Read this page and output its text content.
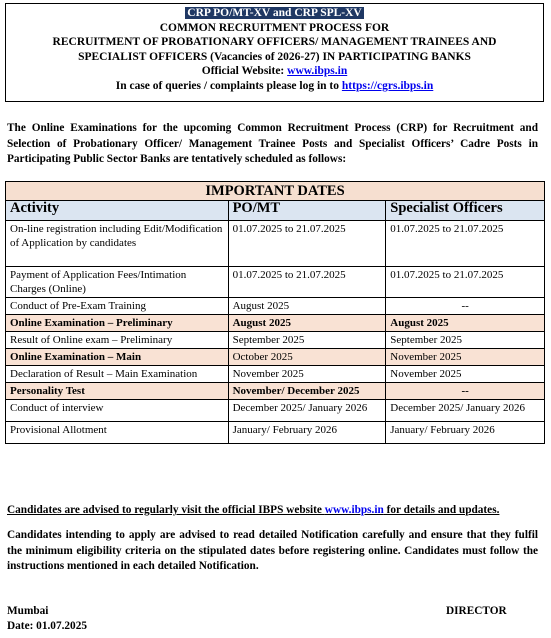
CRP PO/MT-XV and CRP SPL-XV
COMMON RECRUITMENT PROCESS FOR
RECRUITMENT OF PROBATIONARY OFFICERS/ MANAGEMENT TRAINEES AND
SPECIALIST OFFICERS (Vacancies of 2026-27) IN PARTICIPATING BANKS
Official Website: www.ibps.in
In case of queries / complaints please log in to https://cgrs.ibps.in
The Online Examinations for the upcoming Common Recruitment Process (CRP) for Recruitment and Selection of Probationary Officer/ Management Trainee Posts and Specialist Officers’ Cadre Posts in Participating Public Sector Banks are tentatively scheduled as follows:
IMPORTANT DATES		
Activity	PO/MT	Specialist Officers
On-line registration including Edit/Modification of Application by candidates	01.07.2025 to 21.07.2025	01.07.2025 to 21.07.2025
Payment of Application Fees/Intimation Charges (Online)	01.07.2025 to 21.07.2025	01.07.2025 to 21.07.2025
Conduct of Pre-Exam Training	August 2025	--
Online Examination – Preliminary	August 2025	August 2025
Result of Online exam – Preliminary	September 2025	September 2025
Online Examination – Main	October 2025	November 2025
Declaration of Result – Main Examination	November 2025	November 2025
Personality Test	November/ December 2025	--
Conduct of interview	December 2025/ January 2026	December 2025/ January 2026
Provisional Allotment	January/ February 2026	January/ February 2026
Candidates are advised to regularly visit the official IBPS website www.ibps.in for details and updates.
Candidates intending to apply are advised to read detailed Notification carefully and ensure that they fulfil the minimum eligibility criteria on the stipulated dates before registering online. Candidates must follow the instructions mentioned in each detailed Notification.
Mumbai
Date: 01.07.2025
DIRECTOR
